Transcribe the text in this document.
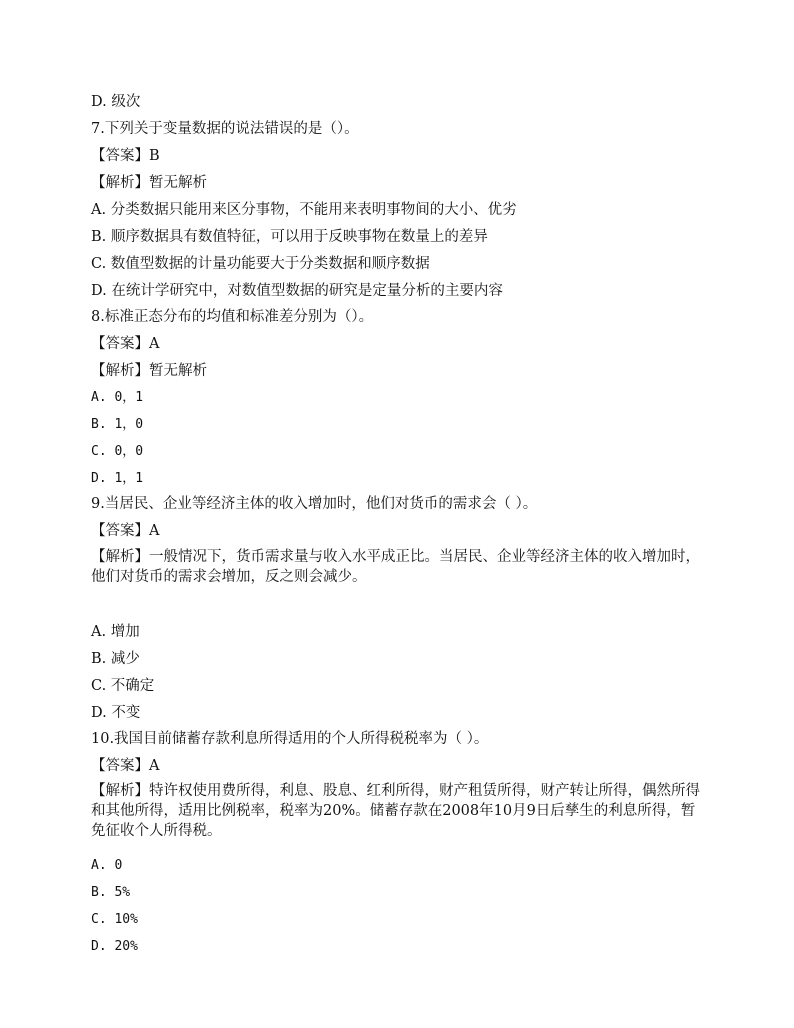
D. 级次
7.下列关于变量数据的说法错误的是（）。
【答案】B
【解析】暂无解析
A. 分类数据只能用来区分事物，不能用来表明事物间的大小、优劣
B. 顺序数据具有数值特征，可以用于反映事物在数量上的差异
C. 数值型数据的计量功能要大于分类数据和顺序数据
D. 在统计学研究中，对数值型数据的研究是定量分析的主要内容
8.标准正态分布的均值和标准差分别为（）。
【答案】A
【解析】暂无解析
A. 0，1
B. 1，0
C. 0，0
D. 1，1
9.当居民、企业等经济主体的收入增加时，他们对货币的需求会（ ）。
【答案】A
【解析】一般情况下，货币需求量与收入水平成正比。当居民、企业等经济主体的收入增加时，他们对货币的需求会增加，反之则会减少。
A. 增加
B. 减少
C. 不确定
D. 不变
10.我国目前储蓄存款利息所得适用的个人所得税税率为（ ）。
【答案】A
【解析】特许权使用费所得，利息、股息、红利所得，财产租赁所得，财产转让所得，偶然所得和其他所得，适用比例税率，税率为20%。储蓄存款在2008年10月9日后孳生的利息所得，暂免征收个人所得税。
A. 0
B. 5%
C. 10%
D. 20%
